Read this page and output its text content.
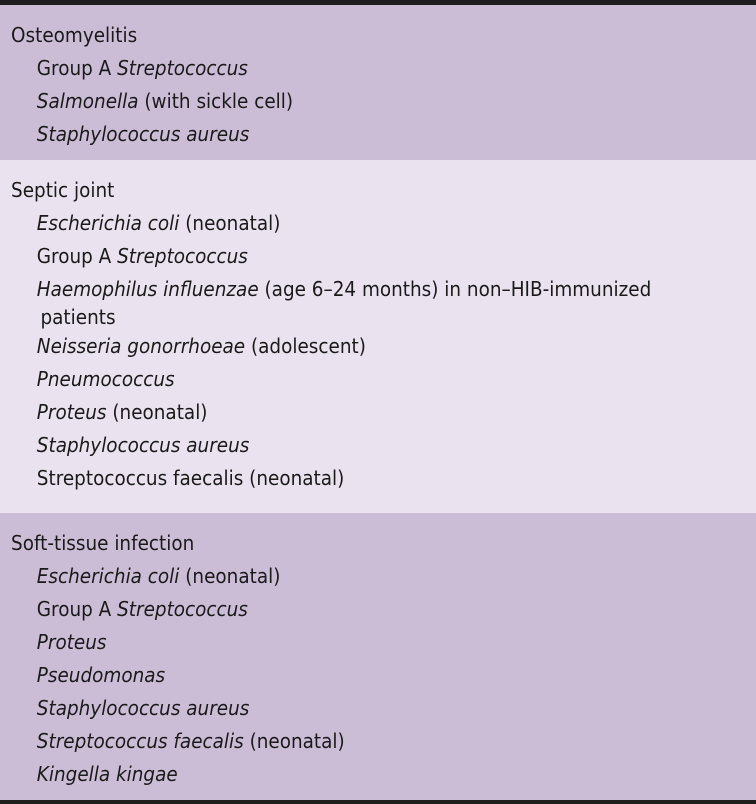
Osteomyelitis
Group A Streptococcus
Salmonella (with sickle cell)
Staphylococcus aureus
Septic joint
Escherichia coli (neonatal)
Group A Streptococcus
Haemophilus influenzae (age 6–24 months) in non–HIB-immunized
patients
Neisseria gonorrhoeae (adolescent)
Pneumococcus
Proteus (neonatal)
Staphylococcus aureus
Streptococcus faecalis (neonatal)
Soft-tissue infection
Escherichia coli (neonatal)
Group A Streptococcus
Proteus
Pseudomonas
Staphylococcus aureus
Streptococcus faecalis (neonatal)
Kingella kingae
